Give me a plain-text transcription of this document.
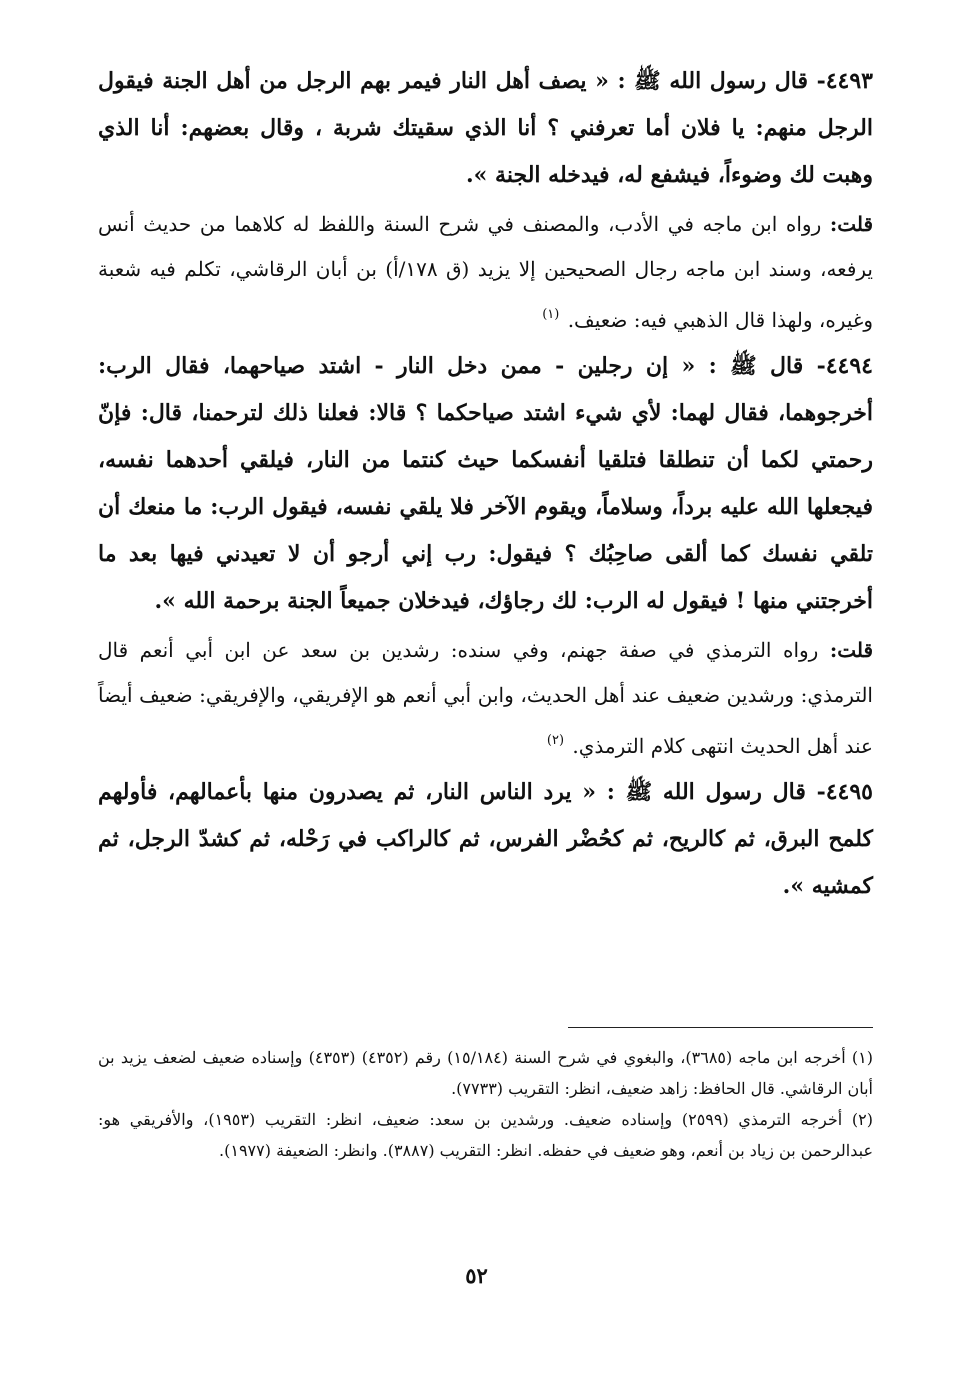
٤٤٩٣- قال رسول الله ﷺ : « يصف أهل النار فيمر بهم الرجل من أهل الجنة فيقول الرجل منهم: يا فلان أما تعرفني ؟ أنا الذي سقيتك شربة ، وقال بعضهم: أنا الذي وهبت لك وضوءاً، فيشفع له، فيدخله الجنة ».

قلت: رواه ابن ماجه في الأدب، والمصنف في شرح السنة واللفظ له كلاهما من حديث أنس يرفعه، وسند ابن ماجه رجال الصحيحين إلا يزيد (ق ١٧٨/أ) بن أبان الرقاشي، تكلم فيه شعبة وغيره، ولهذا قال الذهبي فيه: ضعيف. $^{(١)}$

٤٤٩٤- قال ﷺ : « إن رجلين - ممن دخل النار - اشتد صياحهما، فقال الرب: أخرجوهما، فقال لهما: لأي شيء اشتد صياحكما ؟ قالا: فعلنا ذلك لترحمنا، قال: فإنّ رحمتي لكما أن تنطلقا فتلقيا أنفسكما حيث كنتما من النار، فيلقي أحدهما نفسه، فيجعلها الله عليه برداً، وسلاماً، ويقوم الآخر فلا يلقي نفسه، فيقول الرب: ما منعك أن تلقي نفسك كما ألقى صاحِبُك ؟ فيقول: رب إني أرجو أن لا تعيدني فيها بعد ما أخرجتني منها ! فيقول له الرب: لك رجاؤك، فيدخلان جميعاً الجنة برحمة الله ».

قلت: رواه الترمذي في صفة جهنم، وفي سنده: رشدين بن سعد عن ابن أبي أنعم قال الترمذي: ورشدين ضعيف عند أهل الحديث، وابن أبي أنعم هو الإفريقي، والإفريقي: ضعيف أيضاً عند أهل الحديث انتهى كلام الترمذي. $^{(٢)}$

٤٤٩٥- قال رسول الله ﷺ : « يرد الناس النار، ثم يصدرون منها بأعمالهم، فأولهم كلمح البرق، ثم كالريح، ثم كحُضْر الفرس، ثم كالراكب في رَحْله، ثم كشدّ الرجل، ثم كمشيه ».

(١) أخرجه ابن ماجه (٣٦٨٥)، والبغوي في شرح السنة (١٥/١٨٤) رقم (٤٣٥٢) (٤٣٥٣) وإسناده ضعيف لضعف يزيد بن أبان الرقاشي. قال الحافظ: زاهد ضعيف، انظر: التقريب (٧٧٣٣).

(٢) أخرجه الترمذي (٢٥٩٩) وإسناده ضعيف. ورشدين بن سعد: ضعيف، انظر: التقريب (١٩٥٣)، والأفريقي هو: عبدالرحمن بن زياد بن أنعم، وهو ضعيف في حفظه. انظر: التقريب (٣٨٨٧). وانظر: الضعيفة (١٩٧٧).

٥٢
